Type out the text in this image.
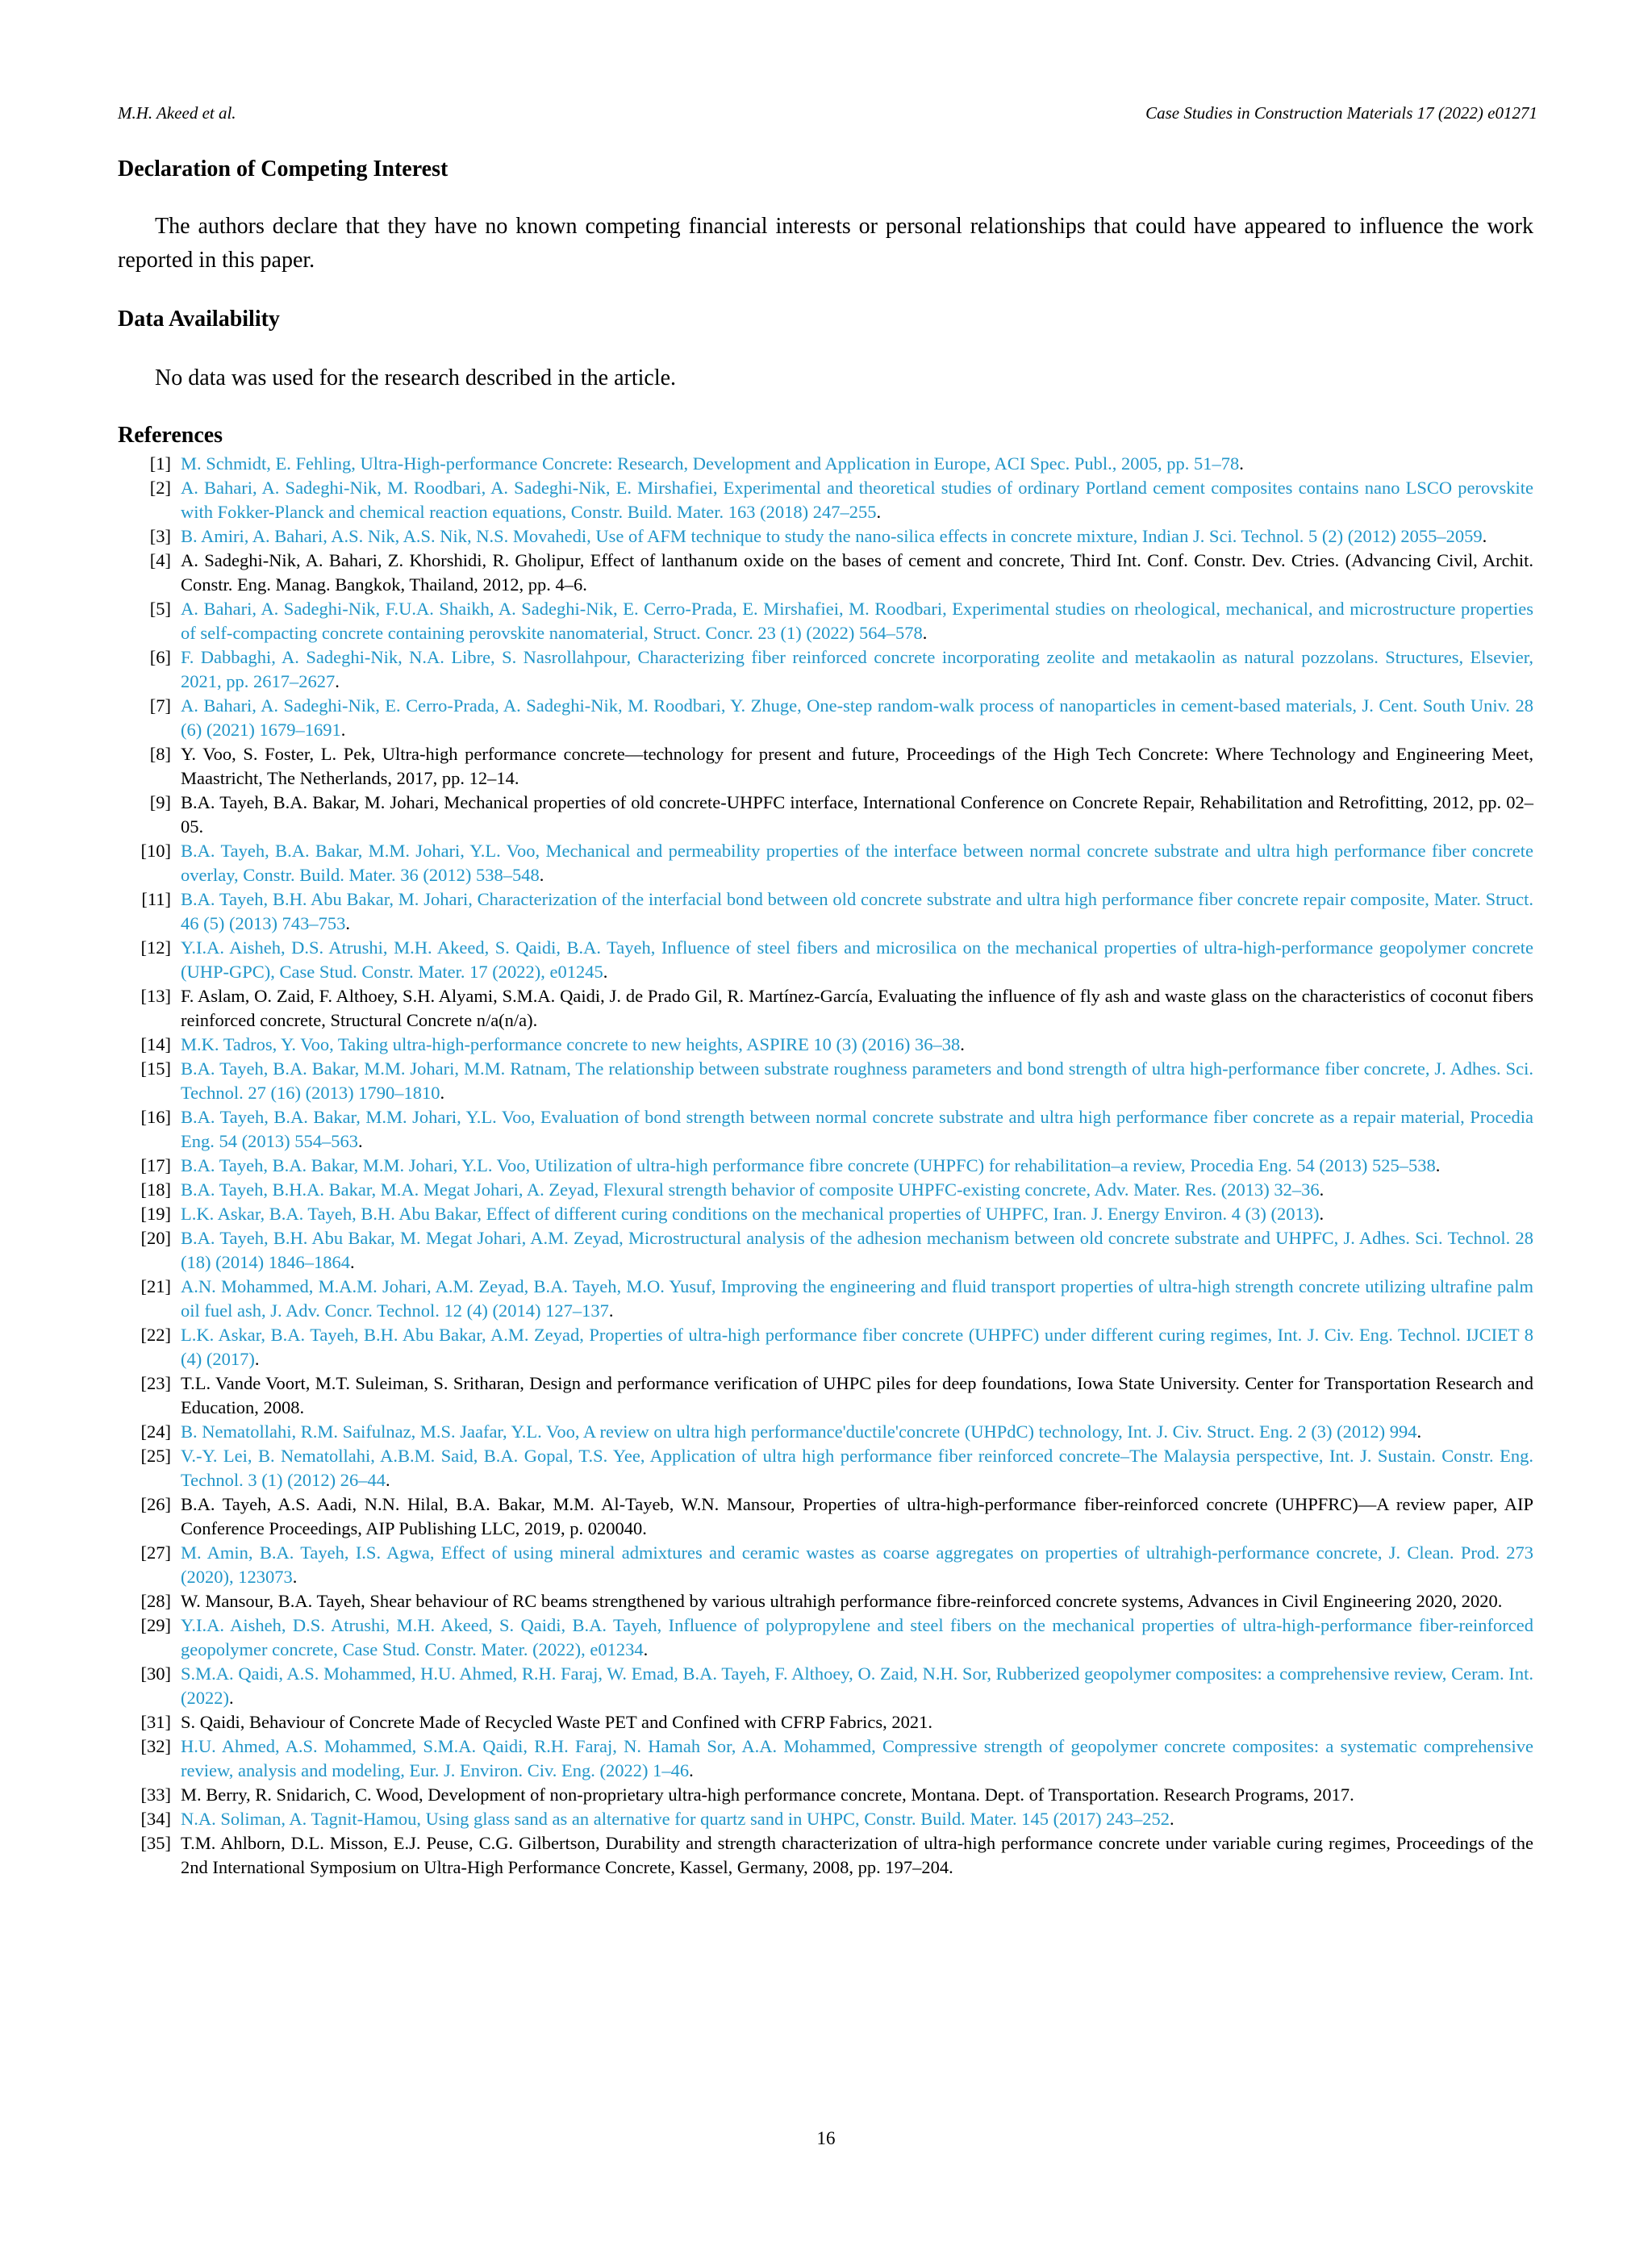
M.H. Akeed et al.	Case Studies in Construction Materials 17 (2022) e01271
Declaration of Competing Interest

The authors declare that they have no known competing financial interests or personal relationships that could have appeared to influence the work reported in this paper.

Data Availability

No data was used for the research described in the article.

References
[1] M. Schmidt, E. Fehling, Ultra-High-performance Concrete: Research, Development and Application in Europe, ACI Spec. Publ., 2005, pp. 51–78.
[2] A. Bahari, A. Sadeghi-Nik, M. Roodbari, A. Sadeghi-Nik, E. Mirshafiei, Experimental and theoretical studies of ordinary Portland cement composites contains nano LSCO perovskite with Fokker-Planck and chemical reaction equations, Constr. Build. Mater. 163 (2018) 247–255.
[3] B. Amiri, A. Bahari, A.S. Nik, A.S. Nik, N.S. Movahedi, Use of AFM technique to study the nano-silica effects in concrete mixture, Indian J. Sci. Technol. 5 (2) (2012) 2055–2059.
[4] A. Sadeghi-Nik, A. Bahari, Z. Khorshidi, R. Gholipur, Effect of lanthanum oxide on the bases of cement and concrete, Third Int. Conf. Constr. Dev. Ctries. (Advancing Civil, Archit. Constr. Eng. Manag. Bangkok, Thailand, 2012, pp. 4–6.
[5] A. Bahari, A. Sadeghi-Nik, F.U.A. Shaikh, A. Sadeghi-Nik, E. Cerro-Prada, E. Mirshafiei, M. Roodbari, Experimental studies on rheological, mechanical, and microstructure properties of self-compacting concrete containing perovskite nanomaterial, Struct. Concr. 23 (1) (2022) 564–578.
[6] F. Dabbaghi, A. Sadeghi-Nik, N.A. Libre, S. Nasrollahpour, Characterizing fiber reinforced concrete incorporating zeolite and metakaolin as natural pozzolans. Structures, Elsevier, 2021, pp. 2617–2627.
[7] A. Bahari, A. Sadeghi-Nik, E. Cerro-Prada, A. Sadeghi-Nik, M. Roodbari, Y. Zhuge, One-step random-walk process of nanoparticles in cement-based materials, J. Cent. South Univ. 28 (6) (2021) 1679–1691.
[8] Y. Voo, S. Foster, L. Pek, Ultra-high performance concrete—technology for present and future, Proceedings of the High Tech Concrete: Where Technology and Engineering Meet, Maastricht, The Netherlands, 2017, pp. 12–14.
[9] B.A. Tayeh, B.A. Bakar, M. Johari, Mechanical properties of old concrete-UHPFC interface, International Conference on Concrete Repair, Rehabilitation and Retrofitting, 2012, pp. 02–05.
[10] B.A. Tayeh, B.A. Bakar, M.M. Johari, Y.L. Voo, Mechanical and permeability properties of the interface between normal concrete substrate and ultra high performance fiber concrete overlay, Constr. Build. Mater. 36 (2012) 538–548.
[11] B.A. Tayeh, B.H. Abu Bakar, M. Johari, Characterization of the interfacial bond between old concrete substrate and ultra high performance fiber concrete repair composite, Mater. Struct. 46 (5) (2013) 743–753.
[12] Y.I.A. Aisheh, D.S. Atrushi, M.H. Akeed, S. Qaidi, B.A. Tayeh, Influence of steel fibers and microsilica on the mechanical properties of ultra-high-performance geopolymer concrete (UHP-GPC), Case Stud. Constr. Mater. 17 (2022), e01245.
[13] F. Aslam, O. Zaid, F. Althoey, S.H. Alyami, S.M.A. Qaidi, J. de Prado Gil, R. Martínez-García, Evaluating the influence of fly ash and waste glass on the characteristics of coconut fibers reinforced concrete, Structural Concrete n/a(n/a).
[14] M.K. Tadros, Y. Voo, Taking ultra-high-performance concrete to new heights, ASPIRE 10 (3) (2016) 36–38.
[15] B.A. Tayeh, B.A. Bakar, M.M. Johari, M.M. Ratnam, The relationship between substrate roughness parameters and bond strength of ultra high-performance fiber concrete, J. Adhes. Sci. Technol. 27 (16) (2013) 1790–1810.
[16] B.A. Tayeh, B.A. Bakar, M.M. Johari, Y.L. Voo, Evaluation of bond strength between normal concrete substrate and ultra high performance fiber concrete as a repair material, Procedia Eng. 54 (2013) 554–563.
[17] B.A. Tayeh, B.A. Bakar, M.M. Johari, Y.L. Voo, Utilization of ultra-high performance fibre concrete (UHPFC) for rehabilitation–a review, Procedia Eng. 54 (2013) 525–538.
[18] B.A. Tayeh, B.H.A. Bakar, M.A. Megat Johari, A. Zeyad, Flexural strength behavior of composite UHPFC-existing concrete, Adv. Mater. Res. (2013) 32–36.
[19] L.K. Askar, B.A. Tayeh, B.H. Abu Bakar, Effect of different curing conditions on the mechanical properties of UHPFC, Iran. J. Energy Environ. 4 (3) (2013).
[20] B.A. Tayeh, B.H. Abu Bakar, M. Megat Johari, A.M. Zeyad, Microstructural analysis of the adhesion mechanism between old concrete substrate and UHPFC, J. Adhes. Sci. Technol. 28 (18) (2014) 1846–1864.
[21] A.N. Mohammed, M.A.M. Johari, A.M. Zeyad, B.A. Tayeh, M.O. Yusuf, Improving the engineering and fluid transport properties of ultra-high strength concrete utilizing ultrafine palm oil fuel ash, J. Adv. Concr. Technol. 12 (4) (2014) 127–137.
[22] L.K. Askar, B.A. Tayeh, B.H. Abu Bakar, A.M. Zeyad, Properties of ultra-high performance fiber concrete (UHPFC) under different curing regimes, Int. J. Civ. Eng. Technol. IJCIET 8 (4) (2017).
[23] T.L. Vande Voort, M.T. Suleiman, S. Sritharan, Design and performance verification of UHPC piles for deep foundations, Iowa State University. Center for Transportation Research and Education, 2008.
[24] B. Nematollahi, R.M. Saifulnaz, M.S. Jaafar, Y.L. Voo, A review on ultra high performance'ductile'concrete (UHPdC) technology, Int. J. Civ. Struct. Eng. 2 (3) (2012) 994.
[25] V.-Y. Lei, B. Nematollahi, A.B.M. Said, B.A. Gopal, T.S. Yee, Application of ultra high performance fiber reinforced concrete–The Malaysia perspective, Int. J. Sustain. Constr. Eng. Technol. 3 (1) (2012) 26–44.
[26] B.A. Tayeh, A.S. Aadi, N.N. Hilal, B.A. Bakar, M.M. Al-Tayeb, W.N. Mansour, Properties of ultra-high-performance fiber-reinforced concrete (UHPFRC)—A review paper, AIP Conference Proceedings, AIP Publishing LLC, 2019, p. 020040.
[27] M. Amin, B.A. Tayeh, I.S. Agwa, Effect of using mineral admixtures and ceramic wastes as coarse aggregates on properties of ultrahigh-performance concrete, J. Clean. Prod. 273 (2020), 123073.
[28] W. Mansour, B.A. Tayeh, Shear behaviour of RC beams strengthened by various ultrahigh performance fibre-reinforced concrete systems, Advances in Civil Engineering 2020, 2020.
[29] Y.I.A. Aisheh, D.S. Atrushi, M.H. Akeed, S. Qaidi, B.A. Tayeh, Influence of polypropylene and steel fibers on the mechanical properties of ultra-high-performance fiber-reinforced geopolymer concrete, Case Stud. Constr. Mater. (2022), e01234.
[30] S.M.A. Qaidi, A.S. Mohammed, H.U. Ahmed, R.H. Faraj, W. Emad, B.A. Tayeh, F. Althoey, O. Zaid, N.H. Sor, Rubberized geopolymer composites: a comprehensive review, Ceram. Int. (2022).
[31] S. Qaidi, Behaviour of Concrete Made of Recycled Waste PET and Confined with CFRP Fabrics, 2021.
[32] H.U. Ahmed, A.S. Mohammed, S.M.A. Qaidi, R.H. Faraj, N. Hamah Sor, A.A. Mohammed, Compressive strength of geopolymer concrete composites: a systematic comprehensive review, analysis and modeling, Eur. J. Environ. Civ. Eng. (2022) 1–46.
[33] M. Berry, R. Snidarich, C. Wood, Development of non-proprietary ultra-high performance concrete, Montana. Dept. of Transportation. Research Programs, 2017.
[34] N.A. Soliman, A. Tagnit-Hamou, Using glass sand as an alternative for quartz sand in UHPC, Constr. Build. Mater. 145 (2017) 243–252.
[35] T.M. Ahlborn, D.L. Misson, E.J. Peuse, C.G. Gilbertson, Durability and strength characterization of ultra-high performance concrete under variable curing regimes, Proceedings of the 2nd International Symposium on Ultra-High Performance Concrete, Kassel, Germany, 2008, pp. 197–204.
16
